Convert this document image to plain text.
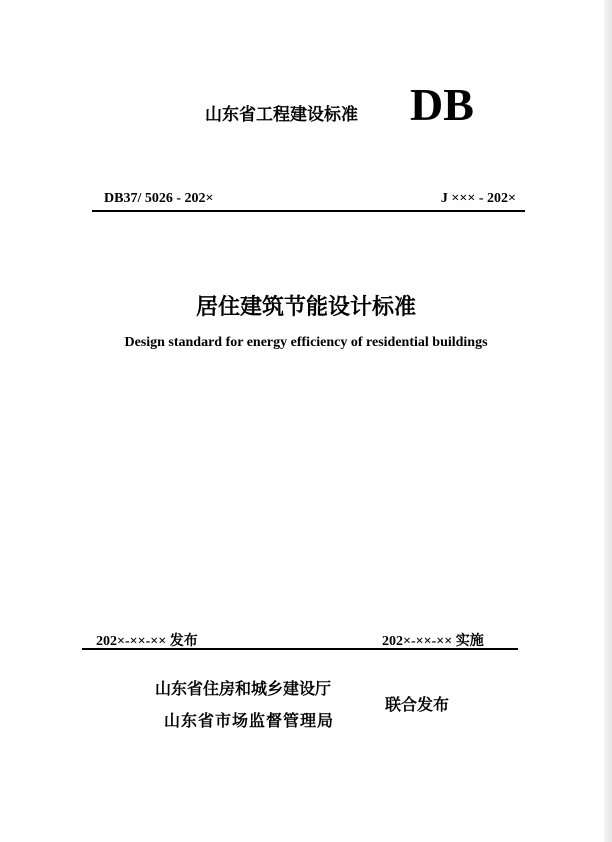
山东省工程建设标准 DB
DB37/ 5026 - 202×	J ××× - 202×
居住建筑节能设计标准
Design standard for energy efficiency of residential buildings
202×-××-×× 发布	202×-××-×× 实施
山东省住房和城乡建设厅
山东省市场监督管理局
联合发布
